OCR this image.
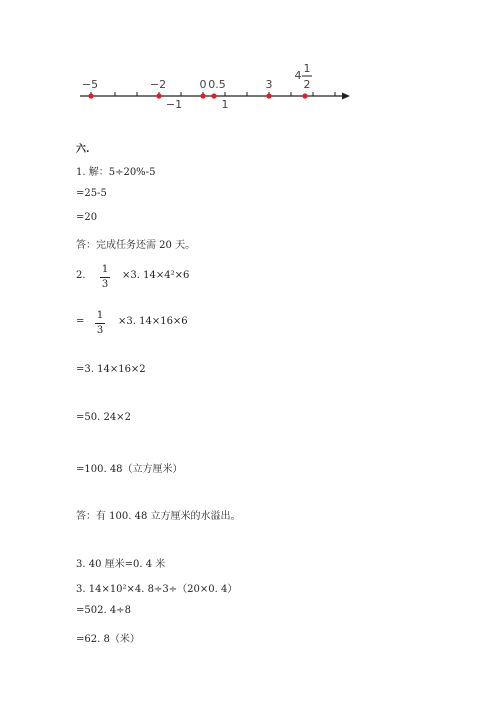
−5	−2	0 0.5	3
−1	1
4
1
2
六.
1. 解：5÷20%-5
=25-5
=20
答：完成任务还需 20 天。
2.
1
3
×3. 14×4²×6
=
1
3
×3. 14×16×6
=3. 14×16×2
=50. 24×2
=100. 48（立方厘米）
答：有 100. 48 立方厘米的水溢出。
3. 40 厘米=0. 4 米
3. 14×10²×4. 8÷3÷（20×0. 4）
=502. 4÷8
=62. 8（米）
